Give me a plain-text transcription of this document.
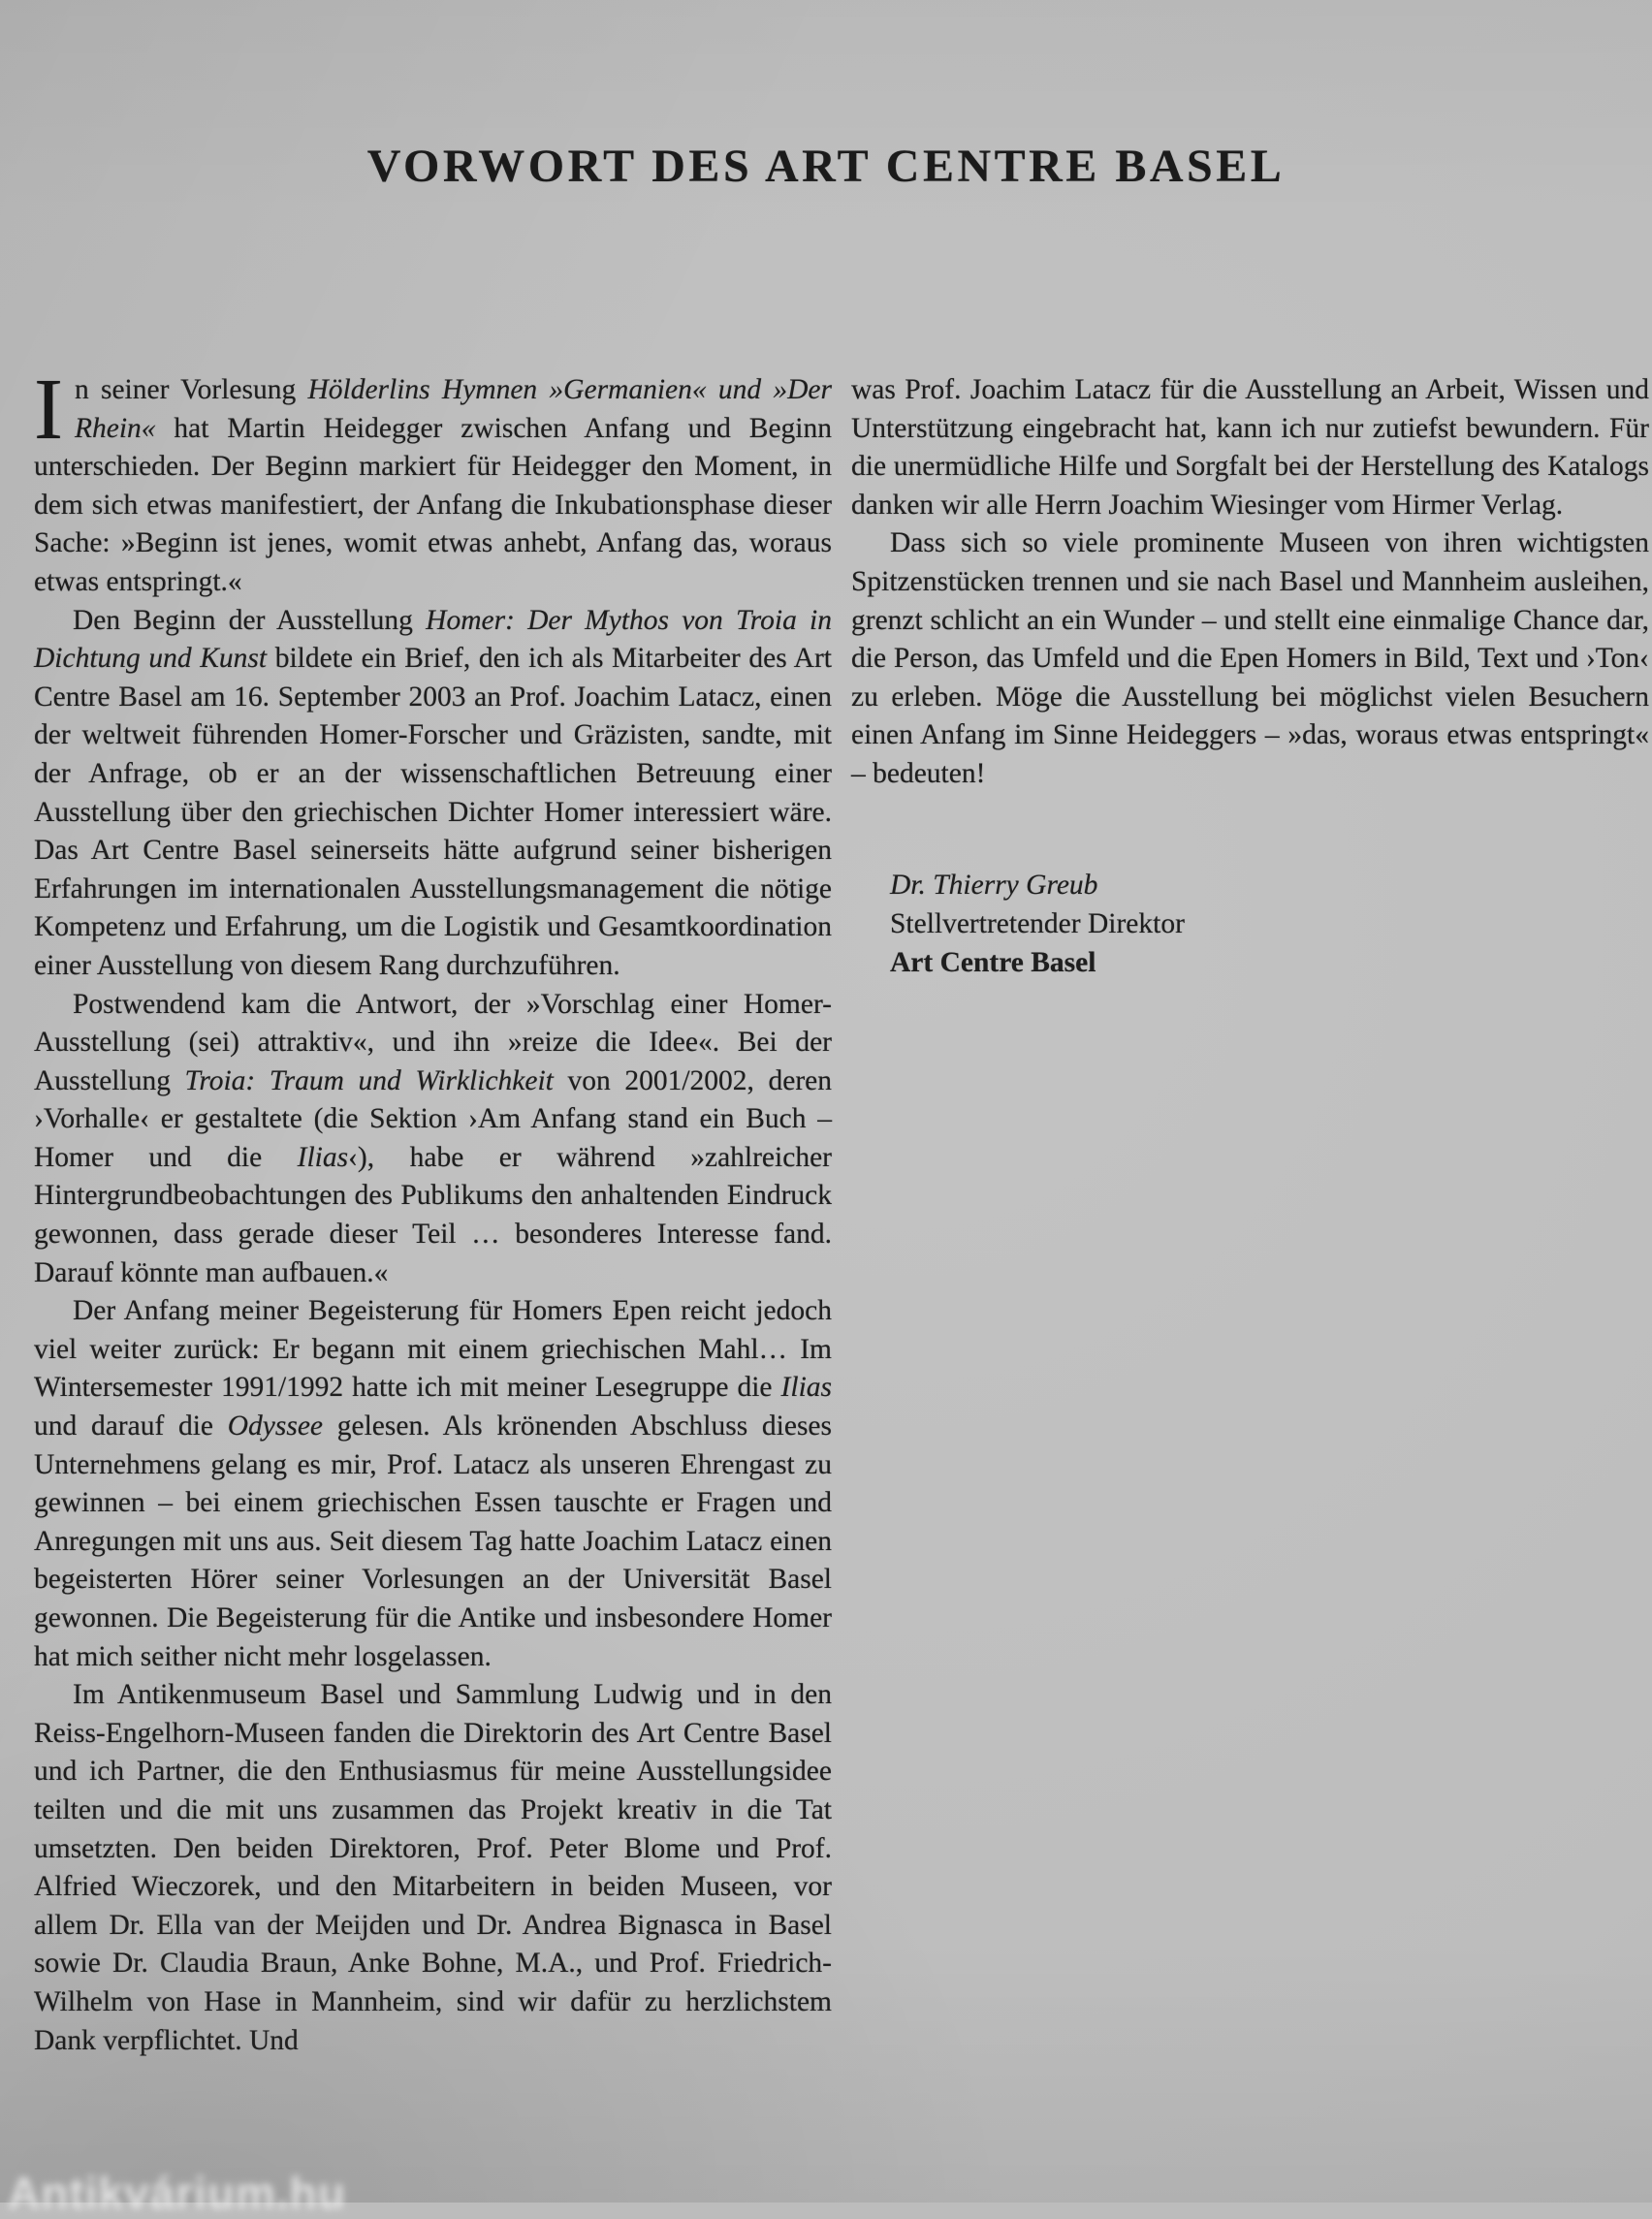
VORWORT DES ART CENTRE BASEL

In seiner Vorlesung Hölderlins Hymnen »Germanien« und »Der Rhein« hat Martin Heidegger zwischen Anfang und Beginn unterschieden. Der Beginn markiert für Heidegger den Moment, in dem sich etwas manifestiert, der Anfang die Inkubationsphase dieser Sache: »Beginn ist jenes, womit etwas anhebt, Anfang das, woraus etwas entspringt.«

Den Beginn der Ausstellung Homer: Der Mythos von Troia in Dichtung und Kunst bildete ein Brief, den ich als Mitarbeiter des Art Centre Basel am 16. September 2003 an Prof. Joachim Latacz, einen der weltweit führenden Homer-Forscher und Gräzisten, sandte, mit der Anfrage, ob er an der wissenschaftlichen Betreuung einer Ausstellung über den griechischen Dichter Homer interessiert wäre. Das Art Centre Basel seinerseits hätte aufgrund seiner bisherigen Erfahrungen im internationalen Ausstellungsmanagement die nötige Kompetenz und Erfahrung, um die Logistik und Gesamtkoordination einer Ausstellung von diesem Rang durchzuführen.

Postwendend kam die Antwort, der »Vorschlag einer Homer-Ausstellung (sei) attraktiv«, und ihn »reize die Idee«. Bei der Ausstellung Troia: Traum und Wirklichkeit von 2001/2002, deren ›Vorhalle‹ er gestaltete (die Sektion ›Am Anfang stand ein Buch – Homer und die Ilias‹), habe er während »zahlreicher Hintergrundbeobachtungen des Publikums den anhaltenden Eindruck gewonnen, dass gerade dieser Teil … besonderes Interesse fand. Darauf könnte man aufbauen.«

Der Anfang meiner Begeisterung für Homers Epen reicht jedoch viel weiter zurück: Er begann mit einem griechischen Mahl… Im Wintersemester 1991/1992 hatte ich mit meiner Lesegruppe die Ilias und darauf die Odyssee gelesen. Als krönenden Abschluss dieses Unternehmens gelang es mir, Prof. Latacz als unseren Ehrengast zu gewinnen – bei einem griechischen Essen tauschte er Fragen und Anregungen mit uns aus. Seit diesem Tag hatte Joachim Latacz einen begeisterten Hörer seiner Vorlesungen an der Universität Basel gewonnen. Die Begeisterung für die Antike und insbesondere Homer hat mich seither nicht mehr losgelassen.

Im Antikenmuseum Basel und Sammlung Ludwig und in den Reiss-Engelhorn-Museen fanden die Direktorin des Art Centre Basel und ich Partner, die den Enthusiasmus für meine Ausstellungsidee teilten und die mit uns zusammen das Projekt kreativ in die Tat umsetzten. Den beiden Direktoren, Prof. Peter Blome und Prof. Alfried Wieczorek, und den Mitarbeitern in beiden Museen, vor allem Dr. Ella van der Meijden und Dr. Andrea Bignasca in Basel sowie Dr. Claudia Braun, Anke Bohne, M.A., und Prof. Friedrich-Wilhelm von Hase in Mannheim, sind wir dafür zu herzlichstem Dank verpflichtet. Und

was Prof. Joachim Latacz für die Ausstellung an Arbeit, Wissen und Unterstützung eingebracht hat, kann ich nur zutiefst bewundern. Für die unermüdliche Hilfe und Sorgfalt bei der Herstellung des Katalogs danken wir alle Herrn Joachim Wiesinger vom Hirmer Verlag.

Dass sich so viele prominente Museen von ihren wichtigsten Spitzenstücken trennen und sie nach Basel und Mannheim ausleihen, grenzt schlicht an ein Wunder – und stellt eine einmalige Chance dar, die Person, das Umfeld und die Epen Homers in Bild, Text und ›Ton‹ zu erleben. Möge die Ausstellung bei möglichst vielen Besuchern einen Anfang im Sinne Heideggers – »das, woraus etwas entspringt« – bedeuten!

Dr. Thierry Greub
Stellvertretender Direktor
Art Centre Basel
Antikvárium.hu
